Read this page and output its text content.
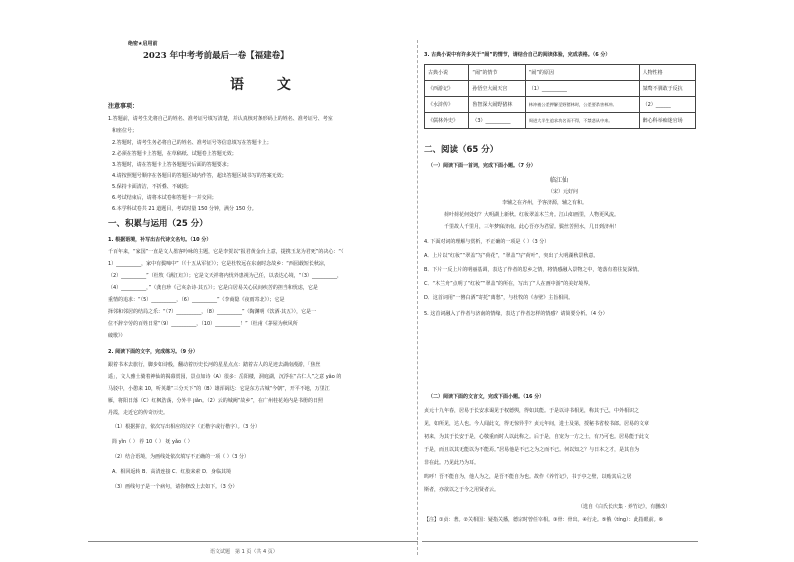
绝密★启用前
2023 年中考考前最后一卷【福建卷】
语 文
注意事项：
1.答题前，请考生先将自己的姓名、准考证号填写清楚，并认真核对条形码上的姓名、准考证号、考室
和座位号；
2.答题时，请考生务必将自己的姓名、准考证号等信息填写在答题卡上；
2.必须在答题卡上答题，在草稿纸、试题卷上答题无效；
3.答题时，请在答题卡上答各题题号后面的答题要求；
4.请按照题号顺序在各题目的答题区域内作答，超出答题区域书写的答案无效；
5.保持卡面清洁，不折叠、不破损；
6.考试结束后，请将本试卷和答题卡一并交回；
6.本学科试卷共 21 道题目，考试时量 150 分钟，满分 150 分。
一、积累与运用（25 分）
1. 根据语境，补写出古代诗文名句。（10 分）
千百年来，“家国”一直是文人墨客吟咏的主题，它是李贺以“报君黄金台上意，提携玉龙为君死”的决心：“（
1）__________，家中有鬓啼中”（《十五从军征》）；它是杜牧远在东南时念故乡：“西园载短长秋凉，
（2）__________”（杜牧《满江红》）；它是文天祥将内忧外患视为己任，以表达心境，“（3）__________，
（4）__________，”（龚自珍《己亥杂诗·其五》）；它是白居易关心民间疾苦的担当和忧虑，它是
重情的追求：“（5）__________，（6）__________”（李商隐《夜雨寄北》）；它是
择邻和邻居的结局之乐：“（7）__________，（8）__________”（陶渊明《饮酒·其五》），它是一
位不辞辛劳的百姓日常“（9）__________，（10）__________！”（杜甫《茅屋为秋风所
破歌》）
2. 阅读下面的文字，完成练习。（9 分）
跟着书本去旅行，脚步如诗般，翻动着历史长河的星星点点：踏着古人的足迹去湖南漫游，「焦丝
遥」，文人雅士骑着神仙的揭幕赏园，景点如诗（A）很多：岳阳楼，洞庭湖，沉浮在“古仁人”之意 yǎo 的
马驳中，小憩来 10，听英雄“三分天下”的（B）雄浑阔达：它是东方古城“今朝”，开平不地，万里江
雁，将阳日落（C）红枫浩荡，分外丰 jiǎn。（2）云的城阙“故乡”，在广州桂花苑内是书册的日照
丹霞，走近它的传奇历史。
（1）根据拼音，依次写出相应的汉字（正楷字或行楷字）。（3 分）
简 yǐn（ ） 荐 10（ ） 妩 yǎo（ ）
（2）结合语境，为画线处依次填写不正确的一项（ ）（3 分）
A．相回返转 B．高清连接 C．红胶来索 D．身临其境
（3）画线句子是一个病句，请你修改上去如下。（3 分）
3. 古典小说中有许多关于“闹”的情节，请结合自己的阅读体验，完成表格。（6 分）
古典小说	“闹”的情节	“闹”的原因	人物性格
《西游记》	孙悟空大闹天宫	（1）__________	桀骜不驯敢于反抗
《水浒传》	鲁智深大闹野猪林	林冲被公差押解至野猪林时，公差要杀害林冲。	（2）______
《儒林外史》	（3）__________	周进大半生追求功名而不得，不禁悲从中来。	醉心科举痴迷官场
二、阅读（65 分）
（一）阅读下面一首词，完成下面小题。（7 分）
临江仙
（宋）元好问
李辅之在齐州，予客济源，辅之有和。
荷叶荷花何处好？大明湖上新秋。红妆翠盖木兰舟。江山如画里，人物更风流。
千里故人千里月，三年梦寐济南。此心吾亦为君留。鬓丝苦照水，几日到济州！
4. 下面对词的理解与赏析，不正确的一项是（ ）（3 分）
A．上片以“红妆”“翠盖”写“荷花”，“翠盖”写“荷叶”，突出了大明湖秋景秋意。
B．下片一反上片的明丽基调，表达了作者的思乡之情，将情感融入景物之中，笔落有着往复深情。
C．“木兰舟”点明了“红妆”“翠盖”的所在，写出了“人在画中游”的美好境界。
D．这首词用“一簪白酒”寄托“离愁”，与杜牧的《赤壁》主旨相同。
5. 这首词融入了作者与济南的情缘，表达了作者怎样的情感？请简要分析。（4 分）
（二）阅读下面的文言文，完成下面小题。（16 分）
贞元十九年春，居易于长安求谒见于权德舆，得如其能。于是以诗书相见，称其于己，中外相识之
见，如所见，达人也。今人闻此文，得无惊异乎？贞元年间，进士及第，授秘书省校书郎。居易的文章
初来，为其于长安于是，心敬重而时人以此称之。后于是，自宠为一方之士，有乃可也。居易能于此文
于是，而且以其无能以为不能焉。”居易他是不已之为之而不已。何以知之？与日本之才，是其自为
非在此。乃见此乃为耳。
呜呼！吾不能自为，他人为之，是吾不能自为也。故作《养竹记》，书于亭之壁，以贻其后之居
斯者，亦欲以之于今之用贤者云。
（选自《白氏长庆集 · 养竹记》，有删改）
【注】①贞：著。②关相国：疑指关播，德宗时曾任宰相。③骨：骨出。④行走。⑤俄（tíng）：此指眼前。⑥
语文试题　第 1 页（共 4 页）
